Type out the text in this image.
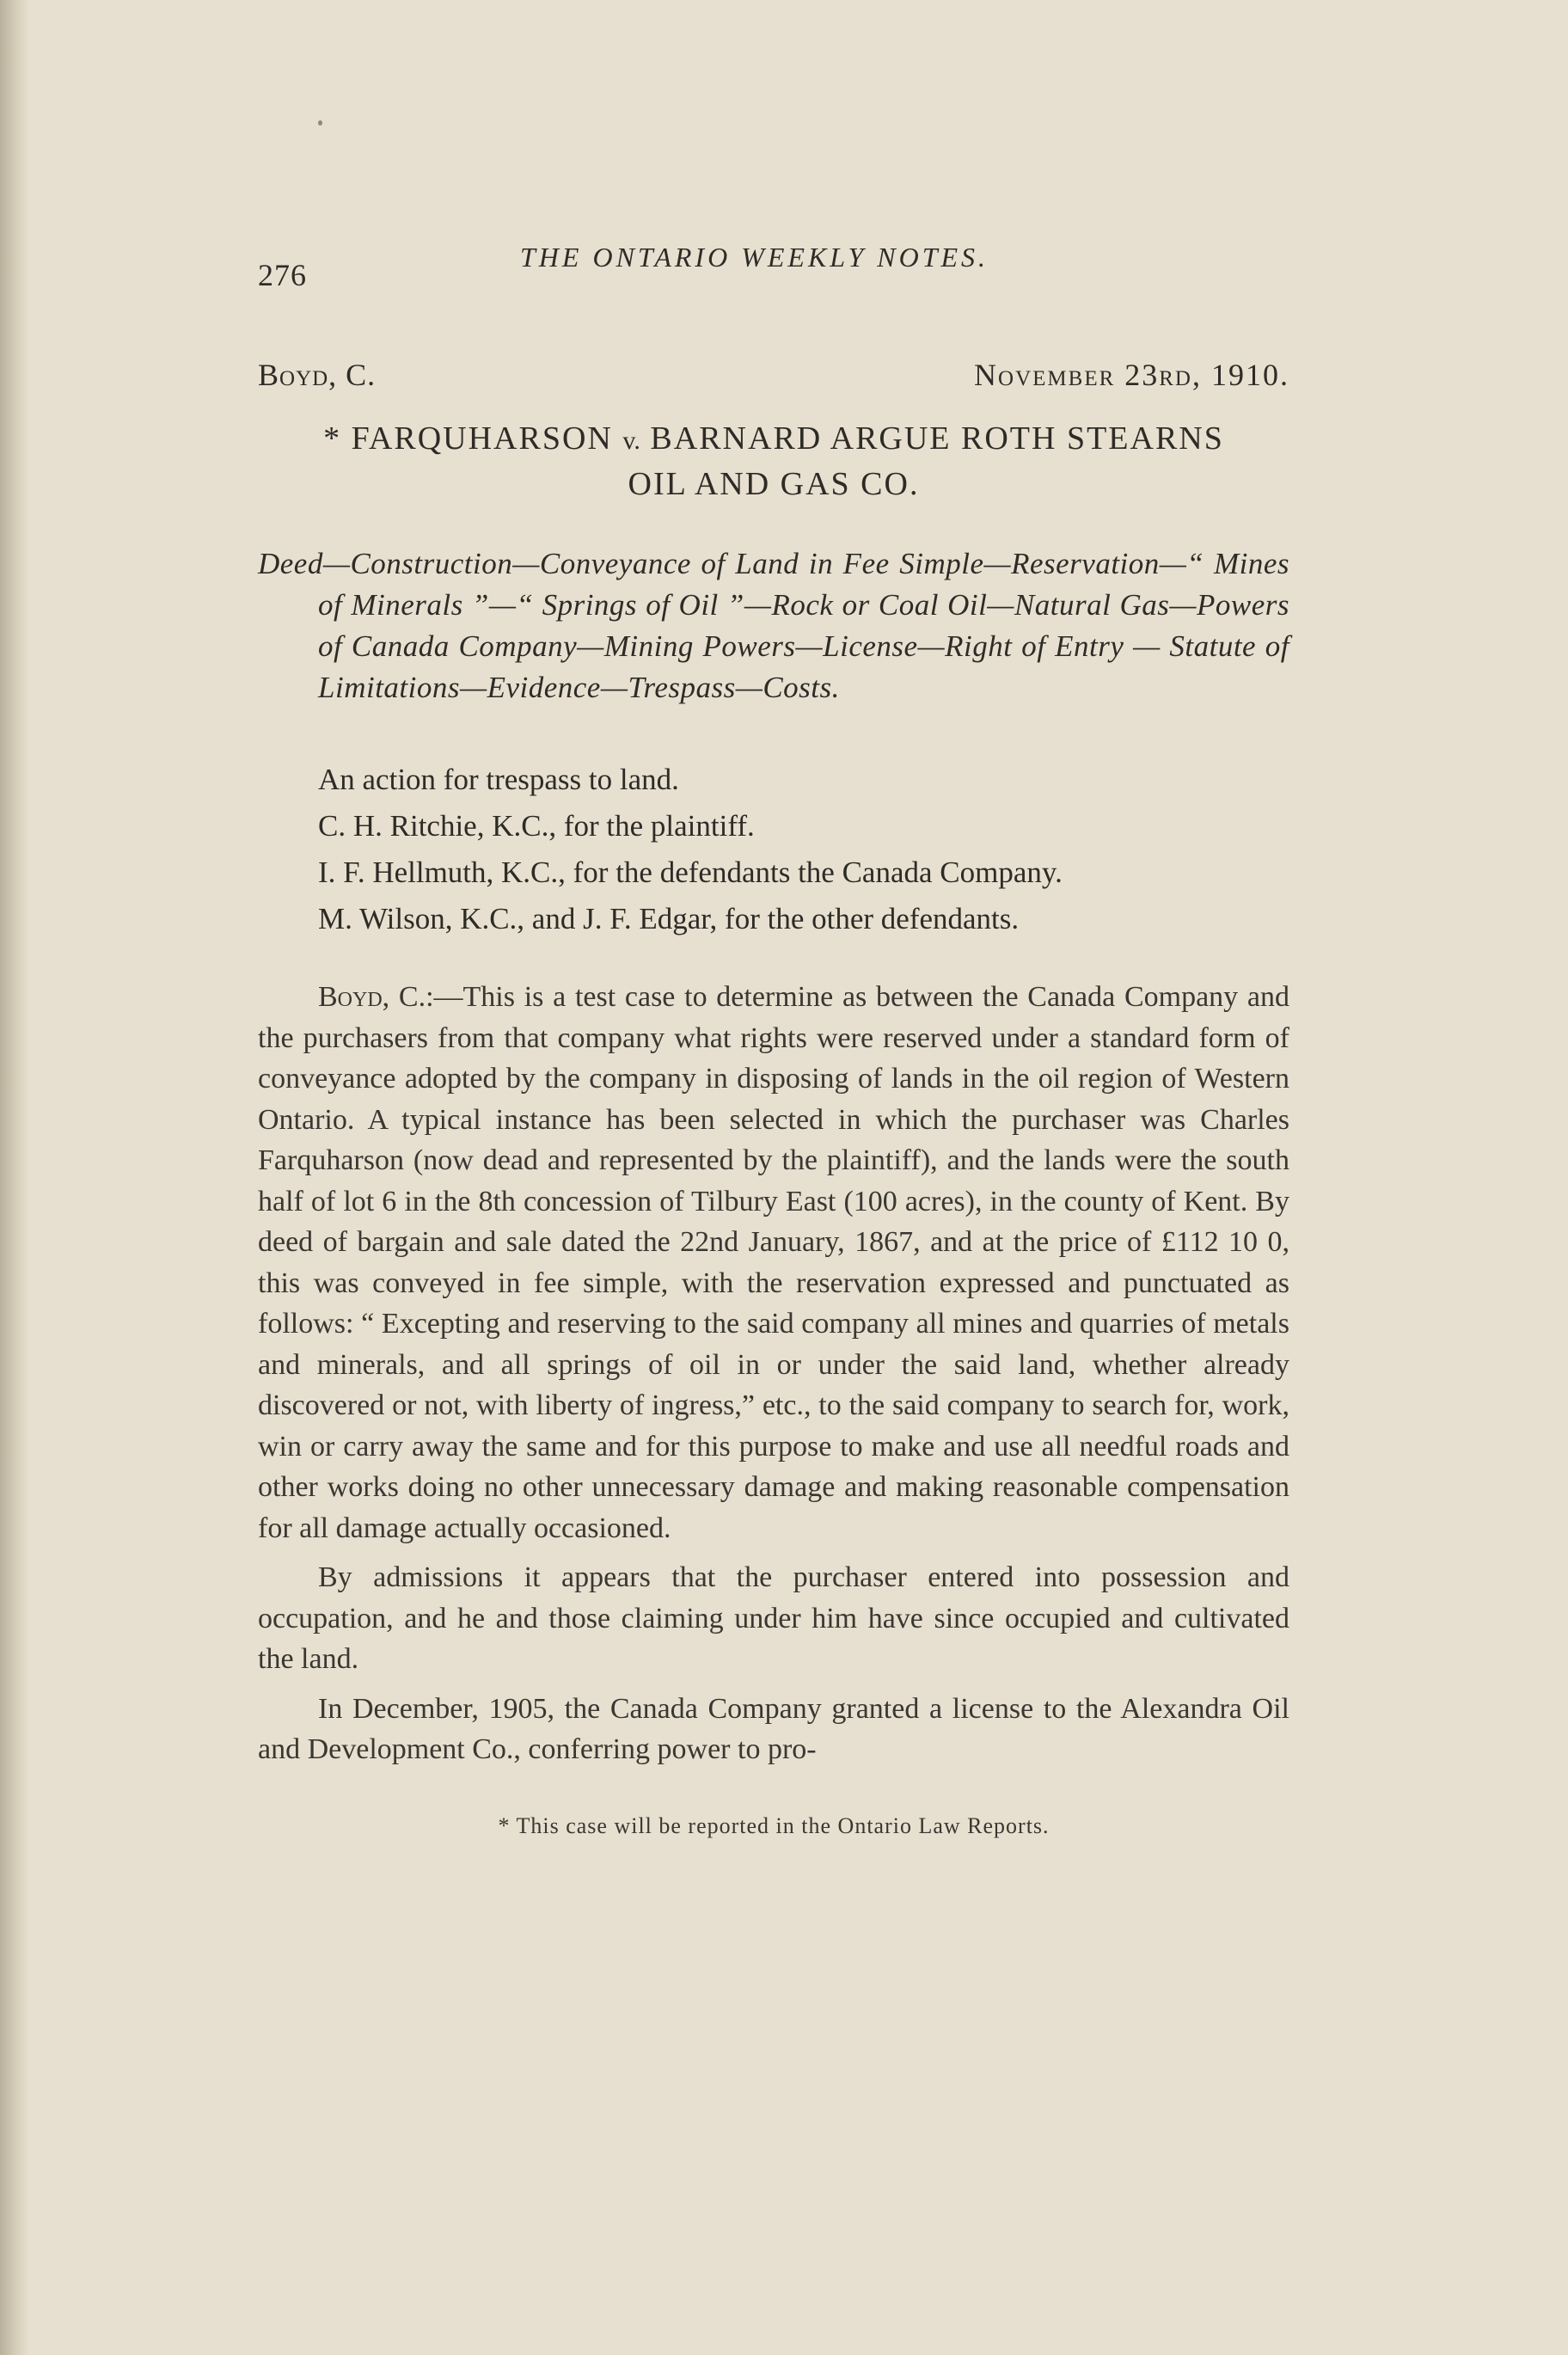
276
THE ONTARIO WEEKLY NOTES.
Boyd, C.	November 23rd, 1910.
* FARQUHARSON v. BARNARD ARGUE ROTH STEARNS
OIL AND GAS CO.
Deed—Construction—Conveyance of Land in Fee Simple—Reservation—“ Mines of Minerals ”—“ Springs of Oil ”—Rock or Coal Oil—Natural Gas—Powers of Canada Company—Mining Powers—License—Right of Entry — Statute of Limitations—Evidence—Trespass—Costs.

An action for trespass to land.

C. H. Ritchie, K.C., for the plaintiff.

I. F. Hellmuth, K.C., for the defendants the Canada Company.

M. Wilson, K.C., and J. F. Edgar, for the other defendants.

Boyd, C.:—This is a test case to determine as between the Canada Company and the purchasers from that company what rights were reserved under a standard form of conveyance adopted by the company in disposing of lands in the oil region of Western Ontario. A typical instance has been selected in which the purchaser was Charles Farquharson (now dead and represented by the plaintiff), and the lands were the south half of lot 6 in the 8th concession of Tilbury East (100 acres), in the county of Kent. By deed of bargain and sale dated the 22nd January, 1867, and at the price of £112 10 0, this was conveyed in fee simple, with the reservation expressed and punctuated as follows: “ Excepting and reserving to the said company all mines and quarries of metals and minerals, and all springs of oil in or under the said land, whether already discovered or not, with liberty of ingress,” etc., to the said company to search for, work, win or carry away the same and for this purpose to make and use all needful roads and other works doing no other unnecessary damage and making reasonable compensation for all damage actually occasioned.

By admissions it appears that the purchaser entered into possession and occupation, and he and those claiming under him have since occupied and cultivated the land.

In December, 1905, the Canada Company granted a license to the Alexandra Oil and Development Co., conferring power to pro-

* This case will be reported in the Ontario Law Reports.
